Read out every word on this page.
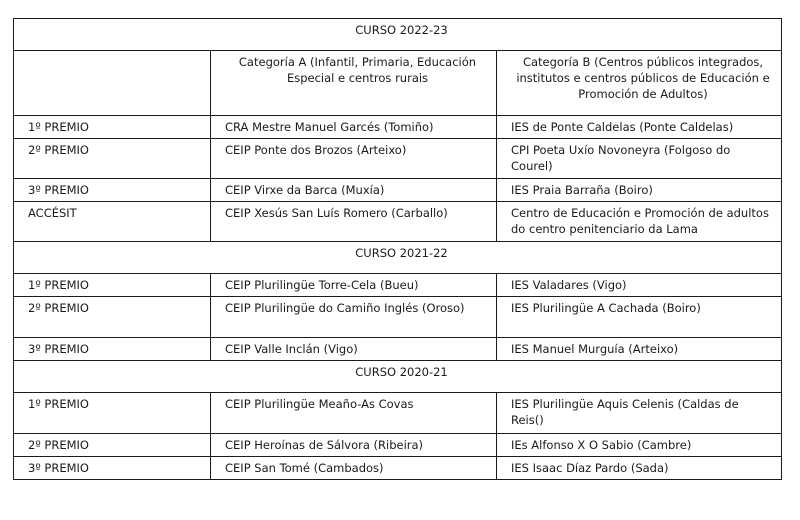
CURSO 2022-23		
	Categoría A (Infantil, Primaria, Educación Especial e centros rurais	Categoría B (Centros públicos integrados, institutos e centros públicos de Educación e Promoción de Adultos)
1º PREMIO	CRA Mestre Manuel Garcés (Tomiño)	IES de Ponte Caldelas (Ponte Caldelas)
2º PREMIO	CEIP Ponte dos Brozos (Arteixo)	CPI Poeta Uxío Novoneyra (Folgoso do Courel)
3º PREMIO	CEIP Virxe da Barca (Muxía)	IES Praia Barraña (Boiro)
ACCÉSIT	CEIP Xesús San Luís Romero (Carballo)	Centro de Educación e Promoción de adultos do centro penitenciario da Lama
CURSO 2021-22		
1º PREMIO	CEIP Plurilingüe Torre-Cela (Bueu)	IES Valadares (Vigo)
2º PREMIO	CEIP Plurilingüe do Camiño Inglés (Oroso)	IES Plurilingüe A Cachada (Boiro)
3º PREMIO	CEIP Valle Inclán (Vigo)	IES Manuel Murguía (Arteixo)
CURSO 2020-21		
1º PREMIO	CEIP Plurilingüe Meaño-As Covas	IES Plurilingüe Aquis Celenis (Caldas de Reis()
2º PREMIO	CEIP Heroínas de Sálvora (Ribeira)	IEs Alfonso X O Sabio (Cambre)
3º PREMIO	CEIP San Tomé (Cambados)	IES Isaac Díaz Pardo (Sada)
